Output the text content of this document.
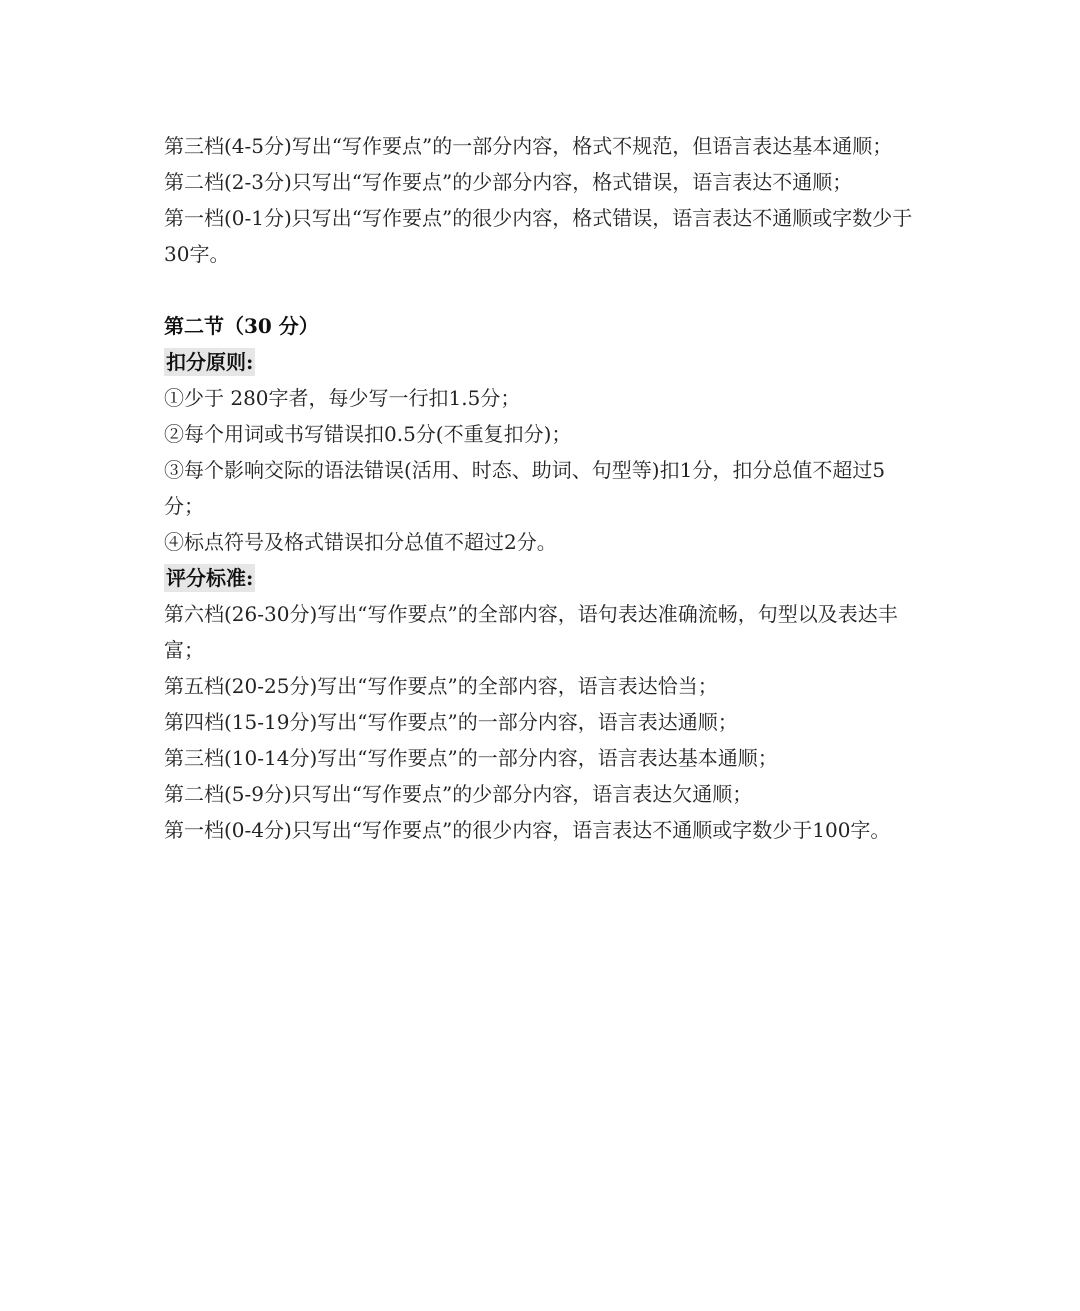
第三档(4-5分)写出“写作要点”的一部分内容，格式不规范，但语言表达基本通顺；

第二档(2-3分)只写出“写作要点”的少部分内容，格式错误，语言表达不通顺；

第一档(0-1分)只写出“写作要点”的很少内容，格式错误，语言表达不通顺或字数少于30字。

第二节（30 分）

扣分原则:

①少于 280字者，每少写一行扣1.5分；

②每个用词或书写错误扣0.5分(不重复扣分)；

③每个影响交际的语法错误(活用、时态、助词、句型等)扣1分，扣分总值不超过5分；

④标点符号及格式错误扣分总值不超过2分。

评分标准:

第六档(26-30分)写出“写作要点”的全部内容，语句表达准确流畅，句型以及表达丰富；

第五档(20-25分)写出“写作要点”的全部内容，语言表达恰当；

第四档(15-19分)写出“写作要点”的一部分内容，语言表达通顺；

第三档(10-14分)写出“写作要点”的一部分内容，语言表达基本通顺；

第二档(5-9分)只写出“写作要点”的少部分内容，语言表达欠通顺；

第一档(0-4分)只写出“写作要点”的很少内容，语言表达不通顺或字数少于100字。
